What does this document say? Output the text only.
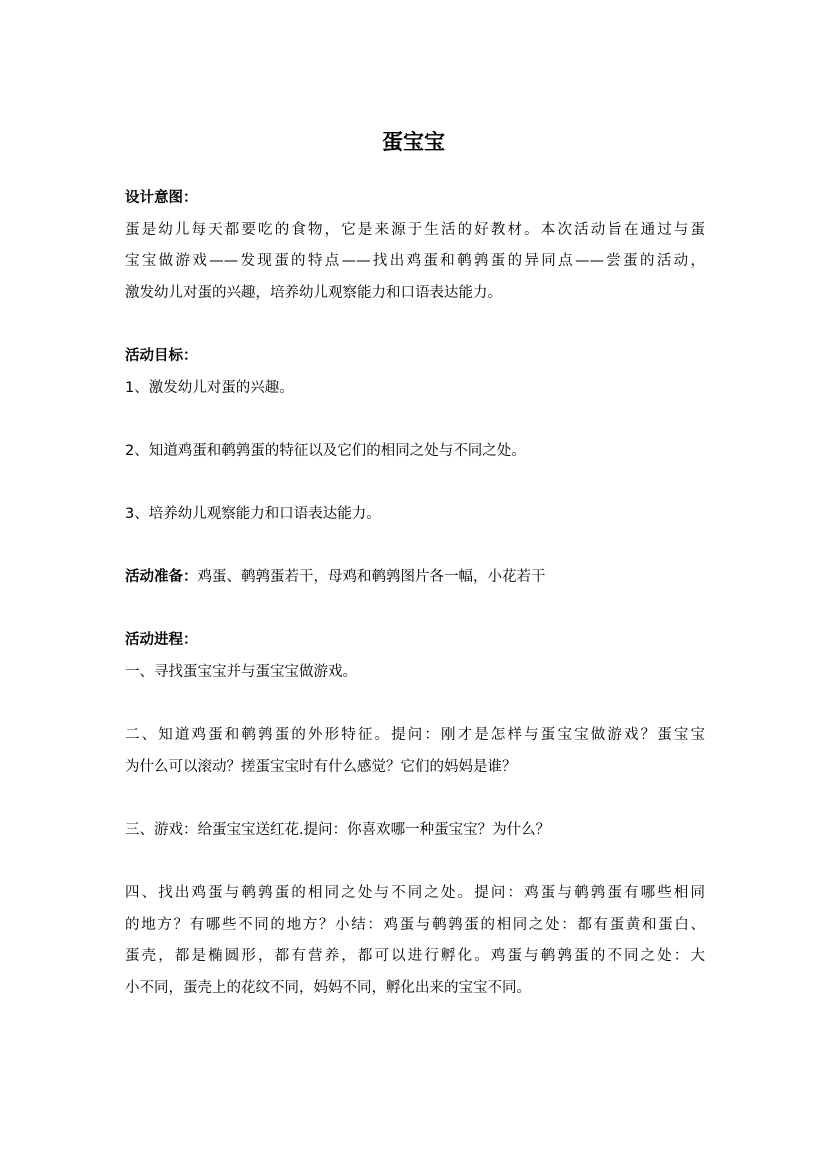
蛋宝宝
设计意图：
蛋是幼儿每天都要吃的食物，它是来源于生活的好教材。本次活动旨在通过与蛋
宝宝做游戏——发现蛋的特点——找出鸡蛋和鹌鹑蛋的异同点——尝蛋的活动，
激发幼儿对蛋的兴趣，培养幼儿观察能力和口语表达能力。
活动目标：
1、激发幼儿对蛋的兴趣。
2、知道鸡蛋和鹌鹑蛋的特征以及它们的相同之处与不同之处。
3、培养幼儿观察能力和口语表达能力。
活动准备：鸡蛋、鹌鹑蛋若干，母鸡和鹌鹑图片各一幅，小花若干
活动进程：
一、寻找蛋宝宝并与蛋宝宝做游戏。
二、知道鸡蛋和鹌鹑蛋的外形特征。提问：刚才是怎样与蛋宝宝做游戏？蛋宝宝
为什么可以滚动？搓蛋宝宝时有什么感觉？它们的妈妈是谁？
三、游戏：给蛋宝宝送红花.提问：你喜欢哪一种蛋宝宝？为什么？
四、找出鸡蛋与鹌鹑蛋的相同之处与不同之处。提问：鸡蛋与鹌鹑蛋有哪些相同
的地方？有哪些不同的地方？小结：鸡蛋与鹌鹑蛋的相同之处：都有蛋黄和蛋白、
蛋壳，都是椭圆形，都有营养，都可以进行孵化。鸡蛋与鹌鹑蛋的不同之处：大
小不同，蛋壳上的花纹不同，妈妈不同，孵化出来的宝宝不同。
